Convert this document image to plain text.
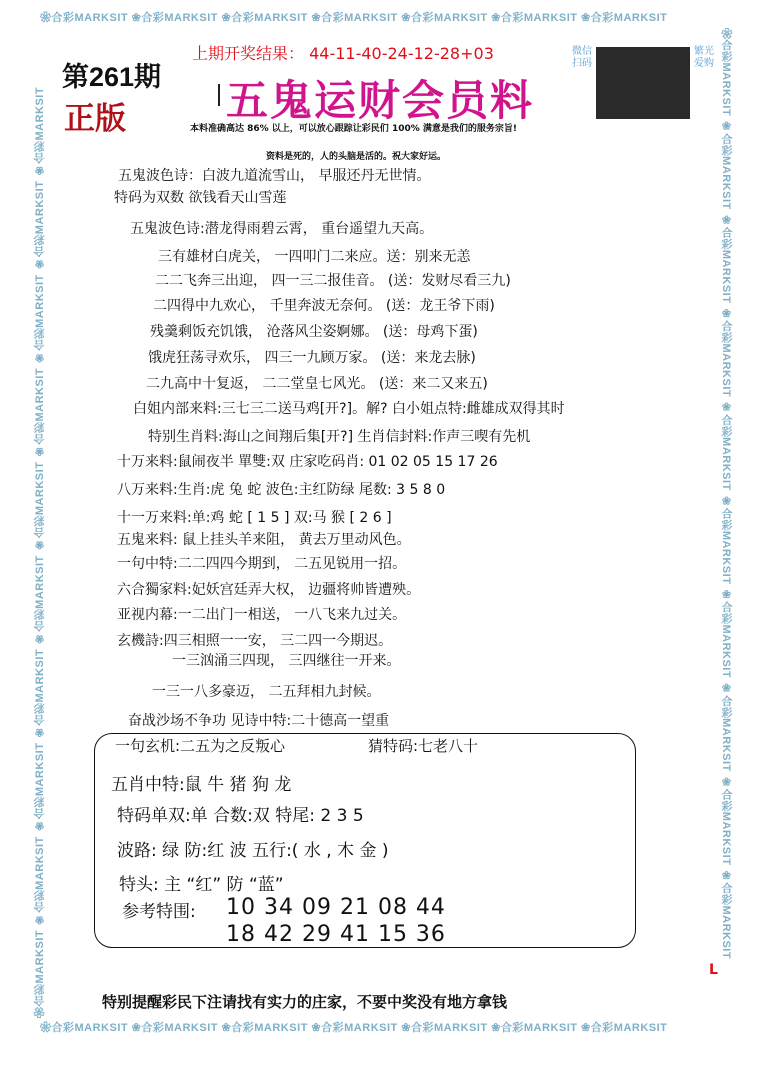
❀合彩MARKSIT ❀合彩MARKSIT ❀合彩MARKSIT ❀合彩MARKSIT ❀合彩MARKSIT ❀合彩MARKSIT ❀合彩MARKSIT
❀合彩MARKSIT ❀合彩MARKSIT ❀合彩MARKSIT ❀合彩MARKSIT ❀合彩MARKSIT ❀合彩MARKSIT ❀合彩MARKSIT
❀合彩MARKSIT ❀合彩MARKSIT ❀合彩MARKSIT ❀合彩MARKSIT ❀合彩MARKSIT ❀合彩MARKSIT ❀合彩MARKSIT ❀合彩MARKSIT ❀合彩MARKSIT ❀合彩MARKSIT	❀合彩MARKSIT ❀合彩MARKSIT ❀合彩MARKSIT ❀合彩MARKSIT ❀合彩MARKSIT ❀合彩MARKSIT ❀合彩MARKSIT ❀合彩MARKSIT ❀合彩MARKSIT ❀合彩MARKSIT
第261期
正版
上期开奖结果： 44-11-40-24-12-28+03
五鬼运财会员料
微信扫码
繁光爱购
本料准确高达 86% 以上，可以放心跟踪让彩民们 100% 满意是我们的服务宗旨!
资料是死的，人的头脑是活的。祝大家好运。
五鬼波色诗：白波九道流雪山， 早服还丹无世情。
特码为双数 欲钱看天山雪莲
五鬼波色诗:潜龙得雨碧云霄， 重台遥望九天高。
三有雄材白虎关， 一四叩门二来应。送：别来无恙
二二飞奔三出迎， 四一三二报佳音。 (送：发财尽看三九)
二四得中九欢心， 千里奔波无奈何。 (送：龙王爷下雨)
残羹剩饭充饥饿， 沧落风尘姿婀娜。 (送：母鸡下蛋)
饿虎狂荡寻欢乐， 四三一九顾万家。 (送：来龙去脉)
二九高中十复返， 二二堂皇七风光。 (送：来二又来五)
白姐内部来料:三七三二送马鸡[开?]。解? 白小姐点特:雌雄成双得其时
特别生肖料:海山之间翔后集[开?] 生肖信封料:作声三喫有先机
十万来料:鼠闹夜半 單雙:双 庄家吃码肖: 01 02 05 15 17 26
八万来料:生肖:虎 兔 蛇 波色:主红防绿 尾数: 3 5 8 0
十一万来料:单:鸡 蛇 [ 1 5 ] 双:马 猴 [ 2 6 ]
五鬼来料: 鼠上挂头羊来阻， 黄去万里动风色。
一句中特:二二四四今期到， 二五见锐用一招。
六合獨家料:妃妖宫廷弄大权， 边疆将帅皆遭殃。
亚视内幕:一二出门一相送， 一八飞来九过关。
玄機詩:四三相照一一安， 三二四一今期迟。
一三汹涌三四现， 三四继往一开来。
一三一八多豪迈， 二五拜相九封候。
奋战沙场不争功 见诗中特:二十德高一望重
一句玄机:二五为之反叛心	猜特码:七老八十
五肖中特:鼠 牛 猪 狗 龙
特码单双:单 合数:双 特尾: 2 3 5
波路: 绿 防:红 波 五行:( 水 , 木 金 )
特头: 主 “红” 防 “蓝”
参考特围: 10 34 09 21 08 44
18 42 29 41 15 36
L
特别提醒彩民下注请找有实力的庄家，不要中奖没有地方拿钱
